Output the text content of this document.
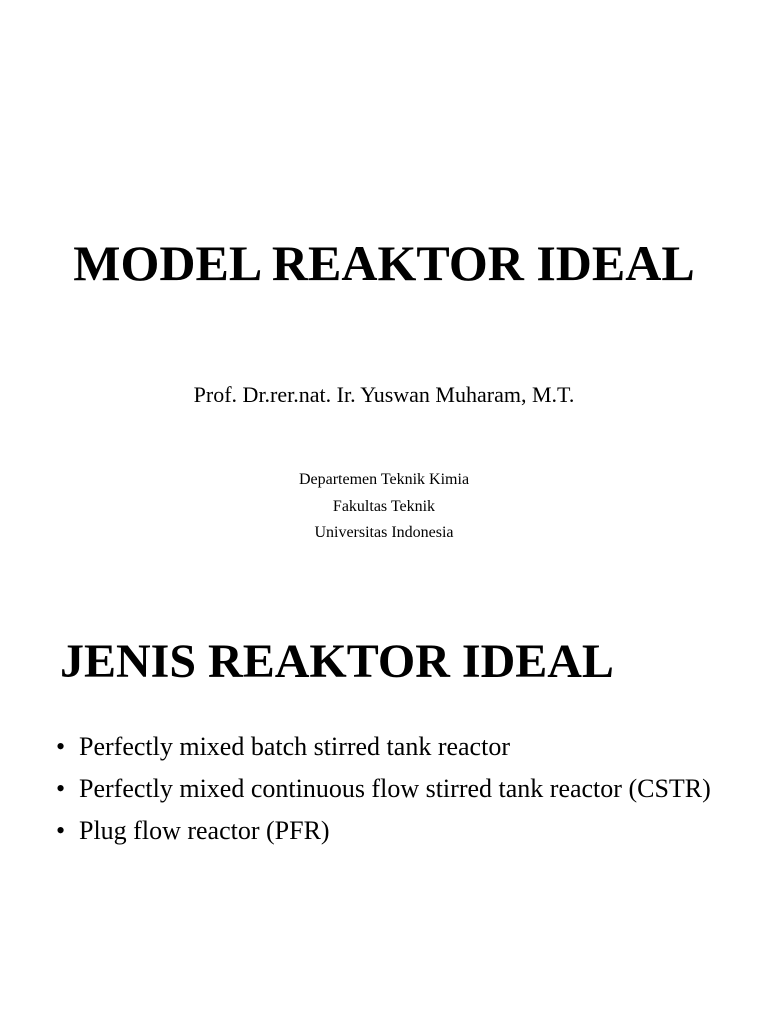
MODEL REAKTOR IDEAL
Prof. Dr.rer.nat. Ir. Yuswan Muharam, M.T.
Departemen Teknik Kimia
Fakultas Teknik
Universitas Indonesia
JENIS REAKTOR IDEAL
• Perfectly mixed batch stirred tank reactor
• Perfectly mixed continuous flow stirred tank reactor (CSTR)
• Plug flow reactor (PFR)
